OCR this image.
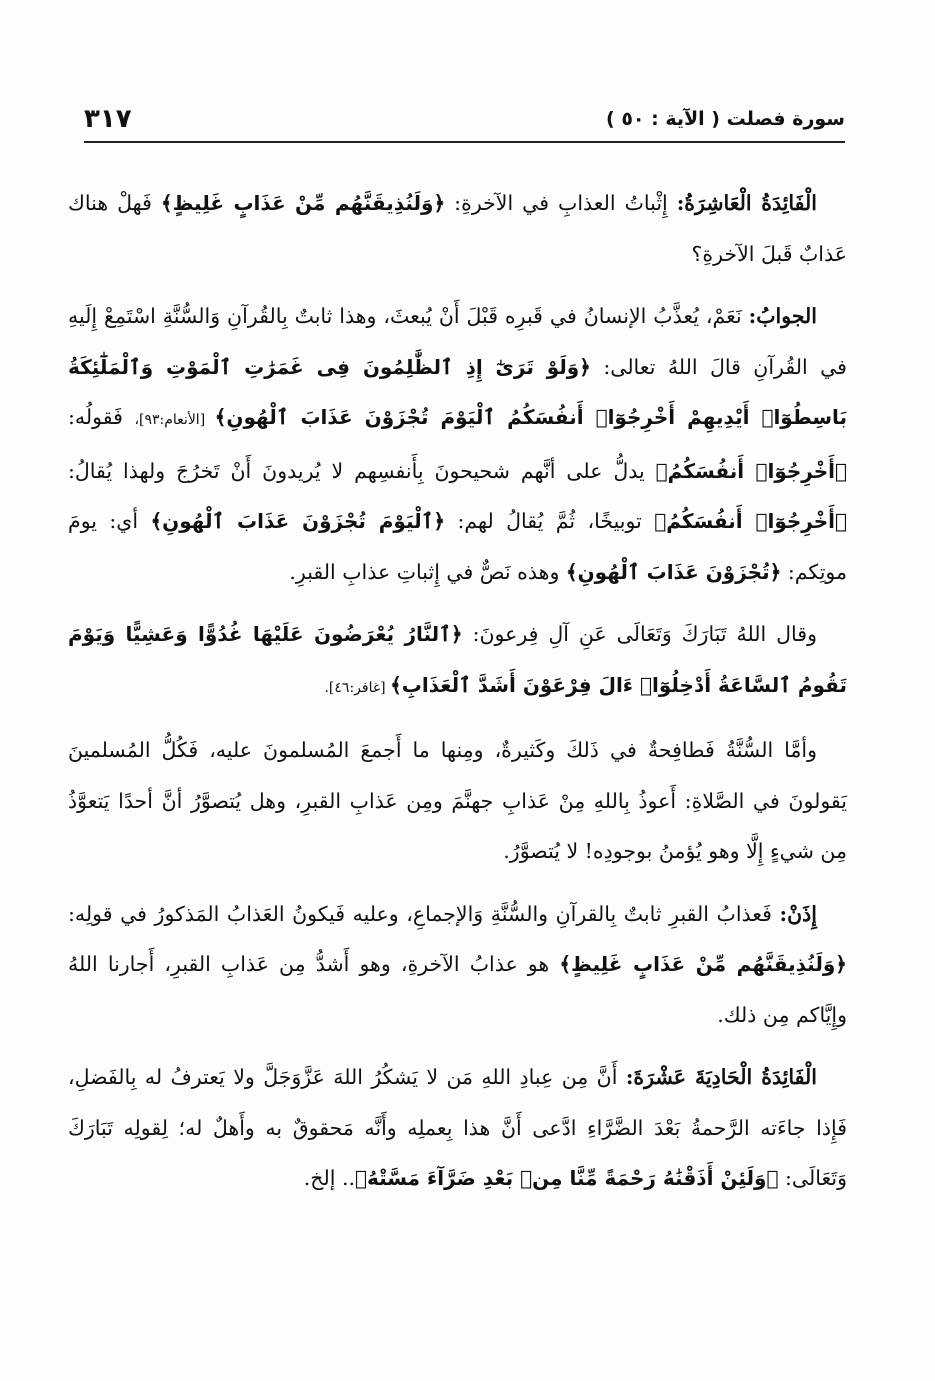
سورة فصلت ( الآية : ٥٠ )
٣١٧

الْفَائِدَةُ الْعَاشِرَةُ: إِثْباتُ العذابِ في الآخرةِ: ﴿وَلَنُذِيقَنَّهُم مِّنْ عَذَابٍ غَلِيظٍ﴾ فَهلْ هناك عَذابٌ قَبلَ الآخرةِ؟

الجوابُ: نَعَمْ، يُعذَّبُ الإنسانُ في قَبرِه قَبْلَ أَنْ يُبعثَ، وهذا ثابتٌ بِالقُرآنِ وَالسُّنَّةِ اسْتَمِعْ إِلَيهِ في القُرآنِ قالَ اللهُ تعالى: ﴿وَلَوْ تَرَىٰٓ إِذِ ٱلظَّٰلِمُونَ فِى غَمَرَٰتِ ٱلْمَوْتِ وَٱلْمَلَٰٓئِكَةُ بَاسِطُوٓا۟ أَيْدِيهِمْ أَخْرِجُوٓا۟ أَنفُسَكُمُ ٱلْيَوْمَ تُجْزَوْنَ عَذَابَ ٱلْهُونِ﴾ [الأنعام:٩٣]، فَقولُه: ﴿أَخْرِجُوٓا۟ أَنفُسَكُمُ﴾ يدلُّ على أنَّهم شحيحونَ بِأَنفسِهم لا يُريدونَ أَنْ تَخرُجَ ولهذا يُقالُ: ﴿أَخْرِجُوٓا۟ أَنفُسَكُمُ﴾ توبيخًا، ثُمَّ يُقالُ لهم: ﴿ٱلْيَوْمَ تُجْزَوْنَ عَذَابَ ٱلْهُونِ﴾ أي: يومَ موتِكم: ﴿تُجْزَوْنَ عَذَابَ ٱلْهُونِ﴾ وهذه نَصٌّ في إِثباتِ عذابِ القبرِ.

وقال اللهُ تَبَارَكَ وَتَعَالَى عَنِ آلِ فِرعونَ: ﴿ٱلنَّارُ يُعْرَضُونَ عَلَيْهَا غُدُوًّا وَعَشِيًّا وَيَوْمَ تَقُومُ ٱلسَّاعَةُ أَدْخِلُوٓا۟ ءَالَ فِرْعَوْنَ أَشَدَّ ٱلْعَذَابِ﴾ [غافر:٤٦].

وأمَّا السُّنَّةُ فَطافِحةٌ في ذَلكَ وكَثيرةٌ، ومِنها ما أَجمعَ المُسلمونَ عليه، فَكُلُّ المُسلمينَ يَقولونَ في الصَّلاةِ: أَعوذُ بِاللهِ مِنْ عَذابِ جهنَّمَ ومِن عَذابِ القبرِ، وهل يُتصوَّرُ أنَّ أحدًا يَتعوَّذُ مِن شيءٍ إِلَّا وهو يُؤمنُ بوجودِه! لا يُتصوَّرُ.

إِذَنْ: فَعذابُ القبرِ ثابتٌ بِالقرآنِ والسُّنَّةِ وَالإجماعِ، وعليه فَيكونُ العَذابُ المَذكورُ في قولِه: ﴿وَلَنُذِيقَنَّهُم مِّنْ عَذَابٍ غَلِيظٍ﴾ هو عذابُ الآخرةِ، وهو أَشدُّ مِن عَذابِ القبرِ، أَجارنا اللهُ وإِيَّاكم مِن ذلك.

الْفَائِدَةُ الْحَادِيَةَ عَشْرَةَ: أَنَّ مِن عِبادِ اللهِ مَن لا يَشكُرُ اللهَ عَزَّوَجَلَّ ولا يَعترفُ له بِالفَضلِ، فَإِذا جاءَته الرَّحمةُ بَعْدَ الضَّرَّاءِ ادَّعى أَنَّ هذا بِعملِه وأَنَّه مَحقوقٌ به وأَهلٌ له؛ لِقولِه تَبَارَكَ وَتَعَالَى: ﴿وَلَئِنْ أَذَقْنَٰهُ رَحْمَةً مِّنَّا مِنۢ بَعْدِ ضَرَّآءَ مَسَّتْهُ﴾.. إلخ.
